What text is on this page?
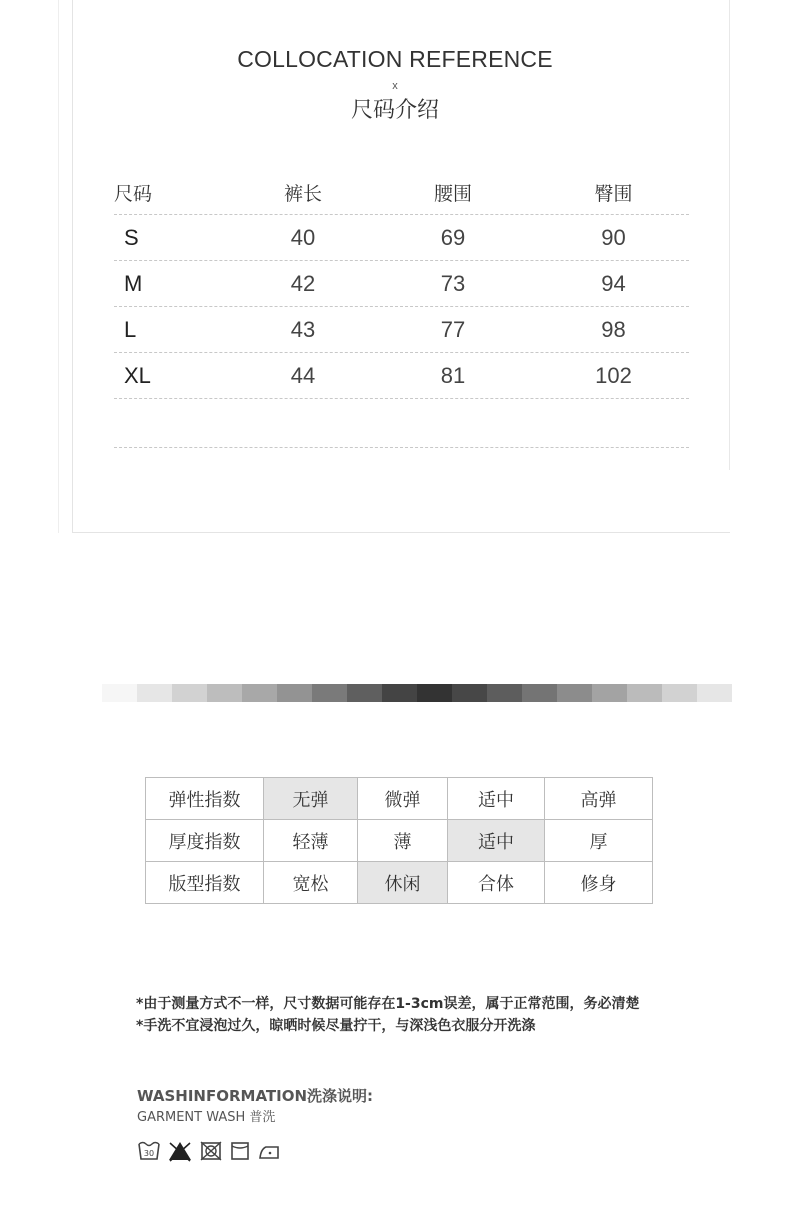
COLLOCATION REFERENCE
x
尺码介绍
尺码	裤长	腰围	臀围
S	40	69	90
M	42	73	94
L	43	77	98
XL	44	81	102
弹性指数	无弹	微弹	适中	高弹
厚度指数	轻薄	薄	适中	厚
版型指数	宽松	休闲	合体	修身
*由于测量方式不一样，尺寸数据可能存在1-3cm误差，属于正常范围，务必清楚
*手洗不宜浸泡过久，晾晒时候尽量拧干，与深浅色衣服分开洗涤
WASHINFORMATION洗涤说明:
GARMENT WASH 普洗
30
